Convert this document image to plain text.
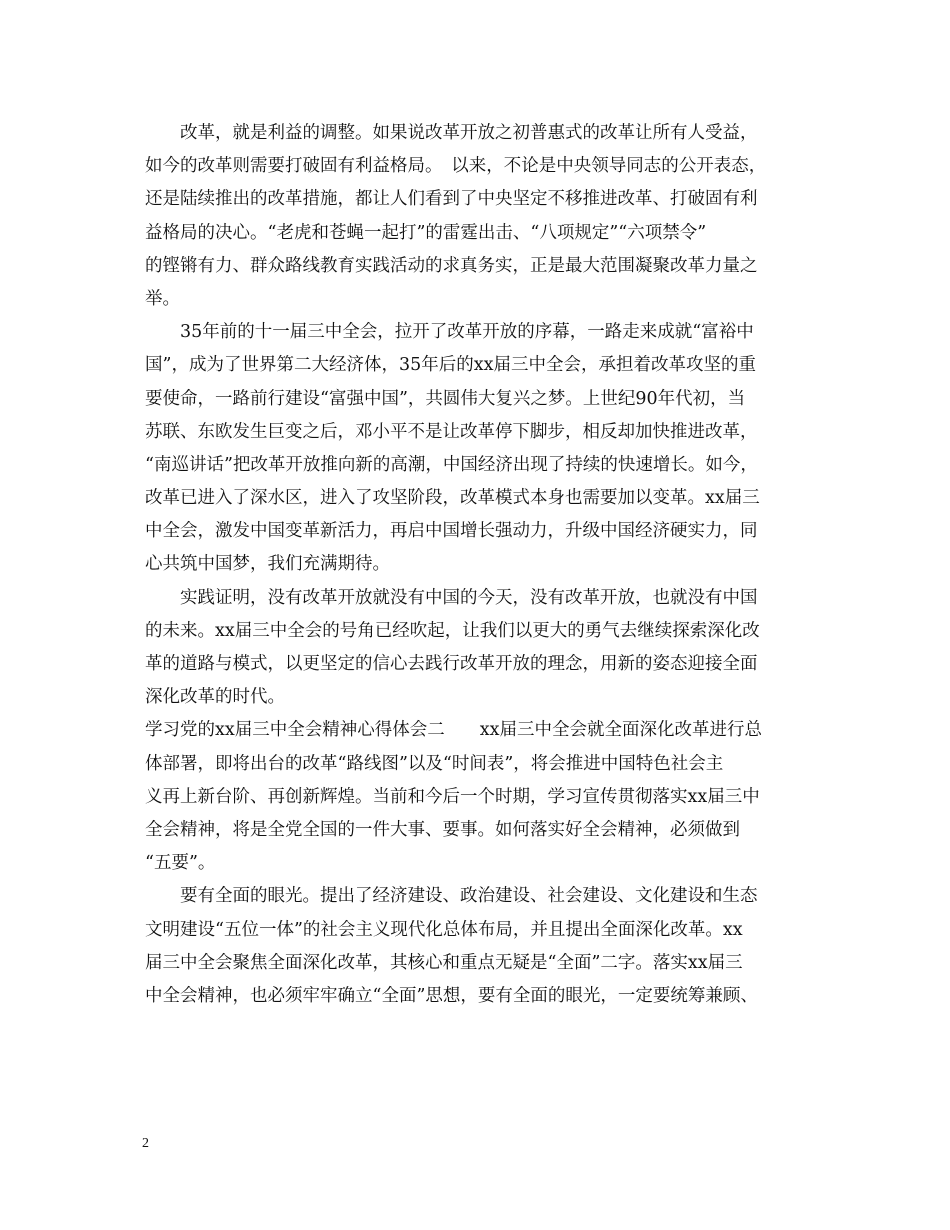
　　改革，就是利益的调整。如果说改革开放之初普惠式的改革让所有人受益，
如今的改革则需要打破固有利益格局。　以来，不论是中央领导同志的公开表态，
还是陆续推出的改革措施，都让人们看到了中央坚定不移推进改革、打破固有利
益格局的决心。“老虎和苍蝇一起打”的雷霆出击、“八项规定”“六项禁令”
的铿锵有力、群众路线教育实践活动的求真务实，正是最大范围凝聚改革力量之
举。
　　35年前的十一届三中全会，拉开了改革开放的序幕，一路走来成就“富裕中
国”，成为了世界第二大经济体，35年后的xx届三中全会，承担着改革攻坚的重
要使命，一路前行建设“富强中国”，共圆伟大复兴之梦。上世纪90年代初，当
苏联、东欧发生巨变之后，邓小平不是让改革停下脚步，相反却加快推进改革，
“南巡讲话”把改革开放推向新的高潮，中国经济出现了持续的快速增长。如今，
改革已进入了深水区，进入了攻坚阶段，改革模式本身也需要加以变革。xx届三
中全会，激发中国变革新活力，再启中国增长强动力，升级中国经济硬实力，同
心共筑中国梦，我们充满期待。
　　实践证明，没有改革开放就没有中国的今天，没有改革开放，也就没有中国
的未来。xx届三中全会的号角已经吹起，让我们以更大的勇气去继续探索深化改
革的道路与模式，以更坚定的信心去践行改革开放的理念，用新的姿态迎接全面
深化改革的时代。
学习党的xx届三中全会精神心得体会二　　xx届三中全会就全面深化改革进行总
体部署，即将出台的改革“路线图”以及“时间表”，将会推进中国特色社会主
义再上新台阶、再创新辉煌。当前和今后一个时期，学习宣传贯彻落实xx届三中
全会精神，将是全党全国的一件大事、要事。如何落实好全会精神，必须做到
“五要”。
　　要有全面的眼光。提出了经济建设、政治建设、社会建设、文化建设和生态
文明建设“五位一体”的社会主义现代化总体布局，并且提出全面深化改革。xx
届三中全会聚焦全面深化改革，其核心和重点无疑是“全面”二字。落实xx届三
中全会精神，也必须牢牢确立“全面”思想，要有全面的眼光，一定要统筹兼顾、
2
